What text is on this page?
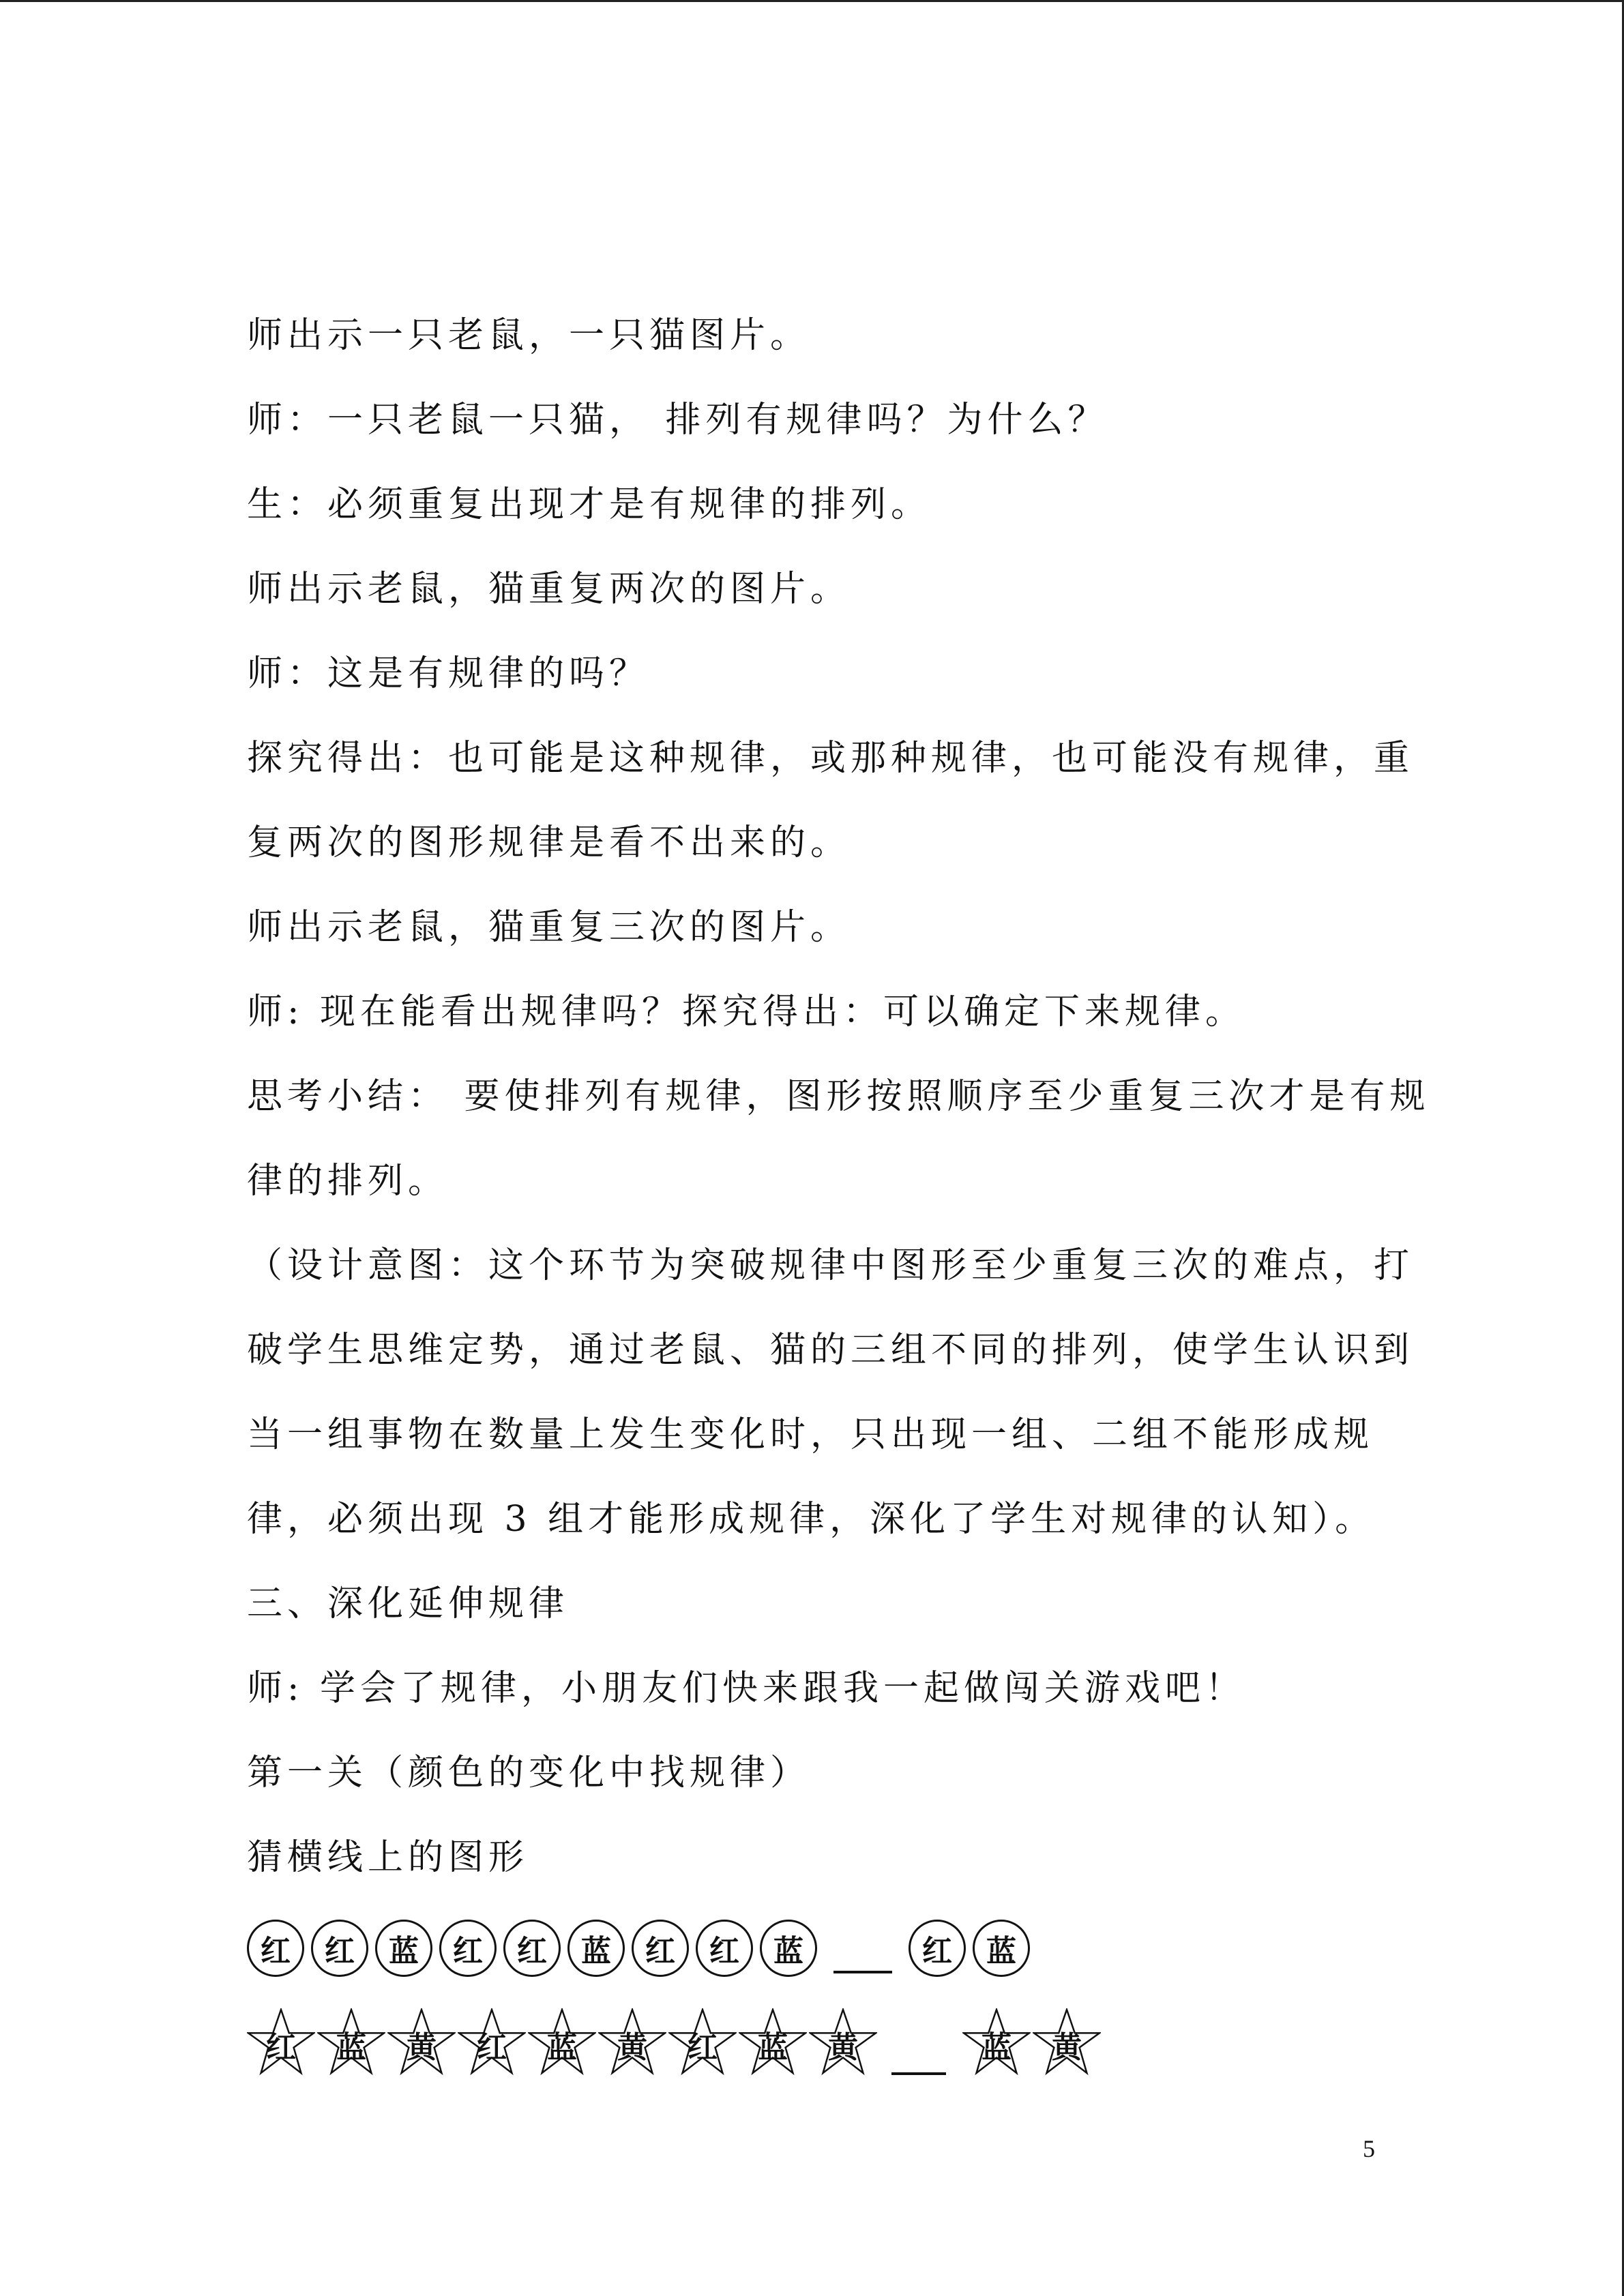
师出示一只老鼠，一只猫图片。
师：一只老鼠一只猫， 排列有规律吗？为什么？
生：必须重复出现才是有规律的排列。
师出示老鼠，猫重复两次的图片。
师：这是有规律的吗？
探究得出：也可能是这种规律，或那种规律，也可能没有规律，重
复两次的图形规律是看不出来的。
师出示老鼠，猫重复三次的图片。
师: 现在能看出规律吗？探究得出：可以确定下来规律。
思考小结： 要使排列有规律，图形按照顺序至少重复三次才是有规
律的排列。
（设计意图：这个环节为突破规律中图形至少重复三次的难点，打
破学生思维定势，通过老鼠、猫的三组不同的排列，使学生认识到
当一组事物在数量上发生变化时，只出现一组、二组不能形成规
律，必须出现 3 组才能形成规律，深化了学生对规律的认知）。
三、深化延伸规律
师: 学会了规律，小朋友们快来跟我一起做闯关游戏吧！
第一关（颜色的变化中找规律）
猜横线上的图形
红	红	蓝	红	红	蓝	红	红	蓝	红	蓝
红	蓝	黄	红	蓝	黄	红	蓝	黄	蓝	黄
5
